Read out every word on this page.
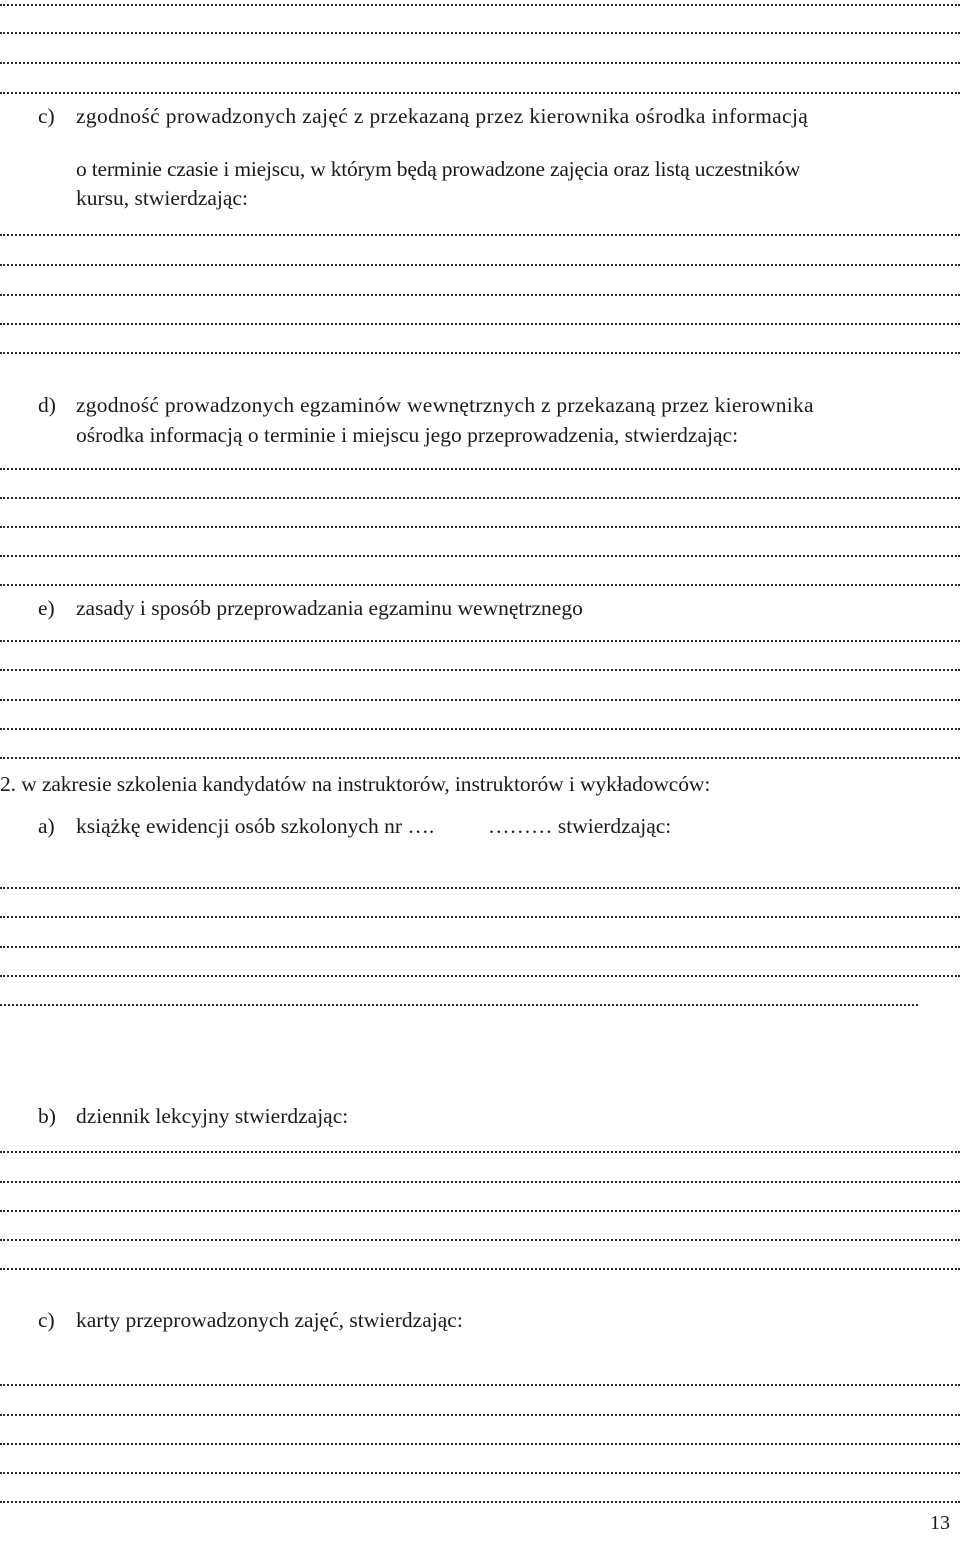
c) zgodność prowadzonych zajęć z przekazaną przez kierownika ośrodka informacją
o terminie czasie i miejscu, w którym będą prowadzone zajęcia oraz listą uczestników
kursu, stwierdzając:
d) zgodność prowadzonych egzaminów wewnętrznych z przekazaną przez kierownika
ośrodka informacją o terminie i miejscu jego przeprowadzenia, stwierdzając:
e) zasady i sposób przeprowadzania egzaminu wewnętrznego
2. w zakresie szkolenia kandydatów na instruktorów, instruktorów i wykładowców:
a) książkę ewidencji osób szkolonych nr ….          ……… stwierdzając:
b) dziennik lekcyjny stwierdzając:
c) karty przeprowadzonych zajęć, stwierdzając:
13
